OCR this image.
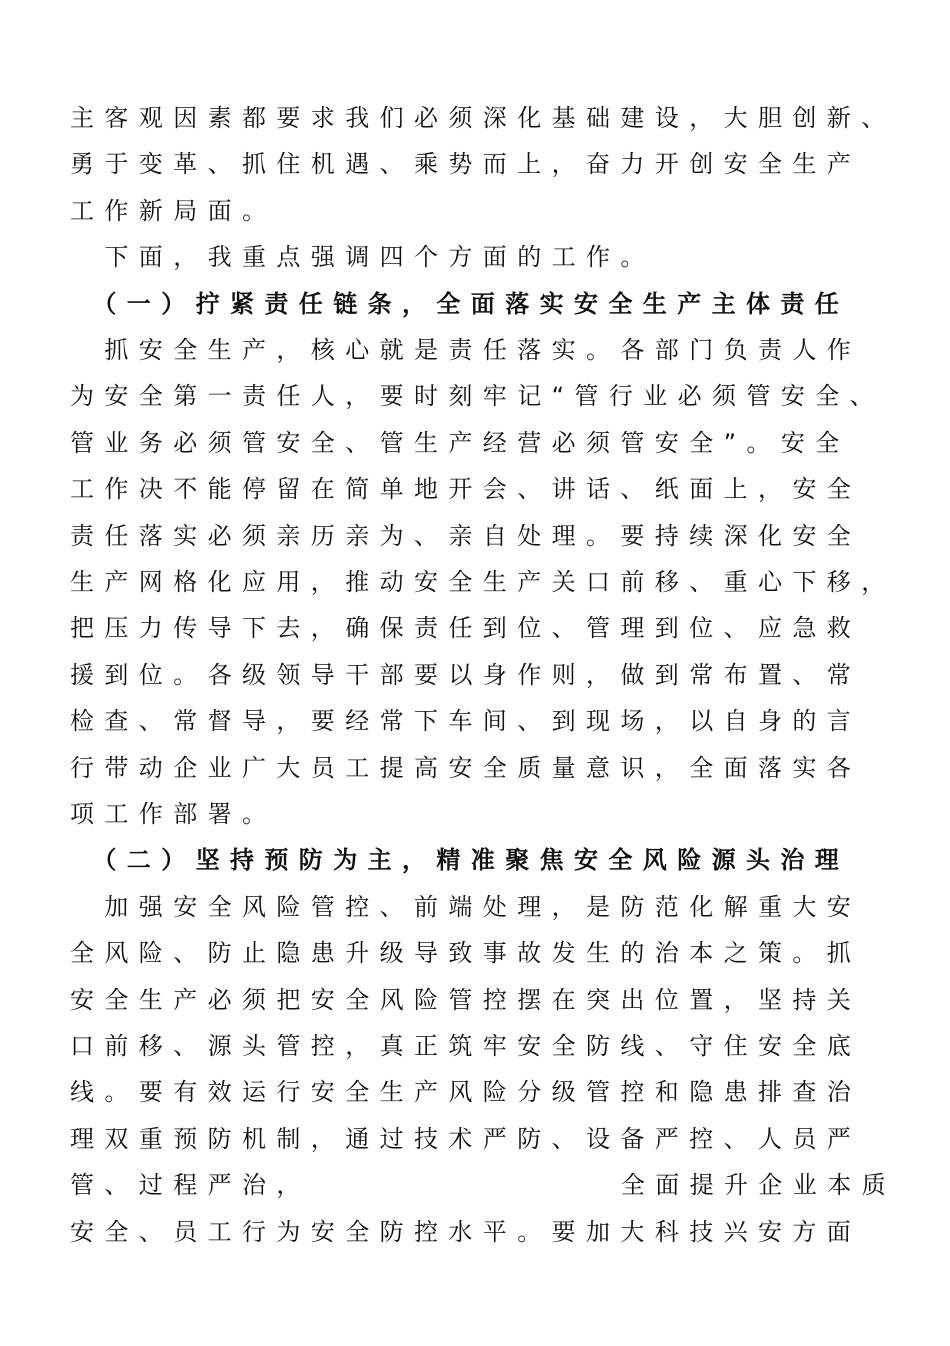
主客观因素都要求我们必须深化基础建设，大胆创新、

勇于变革、抓住机遇、乘势而上，奋力开创安全生产

工作新局面。

　下面，我重点强调四个方面的工作。

　（一）拧紧责任链条，全面落实安全生产主体责任

　抓安全生产，核心就是责任落实。各部门负责人作

为安全第一责任人，要时刻牢记“管行业必须管安全、

管业务必须管安全、管生产经营必须管安全”。安全

工作决不能停留在简单地开会、讲话、纸面上，安全

责任落实必须亲历亲为、亲自处理。要持续深化安全

生产网格化应用，推动安全生产关口前移、重心下移，

把压力传导下去，确保责任到位、管理到位、应急救

援到位。各级领导干部要以身作则，做到常布置、常

检查、常督导，要经常下车间、到现场，以自身的言

行带动企业广大员工提高安全质量意识，全面落实各

项工作部署。

　（二）坚持预防为主，精准聚焦安全风险源头治理

　加强安全风险管控、前端处理，是防范化解重大安

全风险、防止隐患升级导致事故发生的治本之策。抓

安全生产必须把安全风险管控摆在突出位置，坚持关

口前移、源头管控，真正筑牢安全防线、守住安全底

线。要有效运行安全生产风险分级管控和隐患排查治

理双重预防机制，通过技术严防、设备严控、人员严

管、过程严治，	全面提升企业本质

安全、员工行为安全防控水平。要加大科技兴安方面
